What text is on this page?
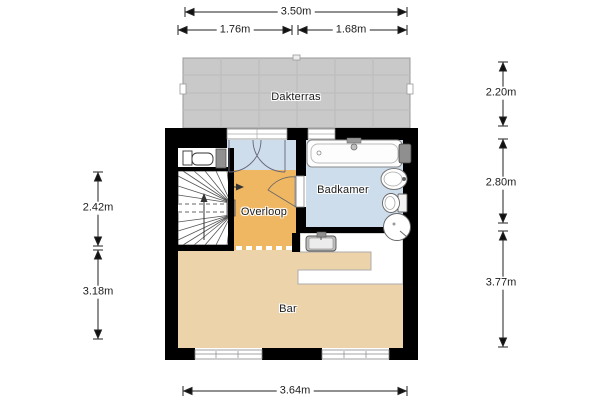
Dakterras
Overloop
Badkamer
Bar
3.50m
1.76m	1.68m
3.64m
2.42m
3.18m
2.20m
2.80m
3.77m
